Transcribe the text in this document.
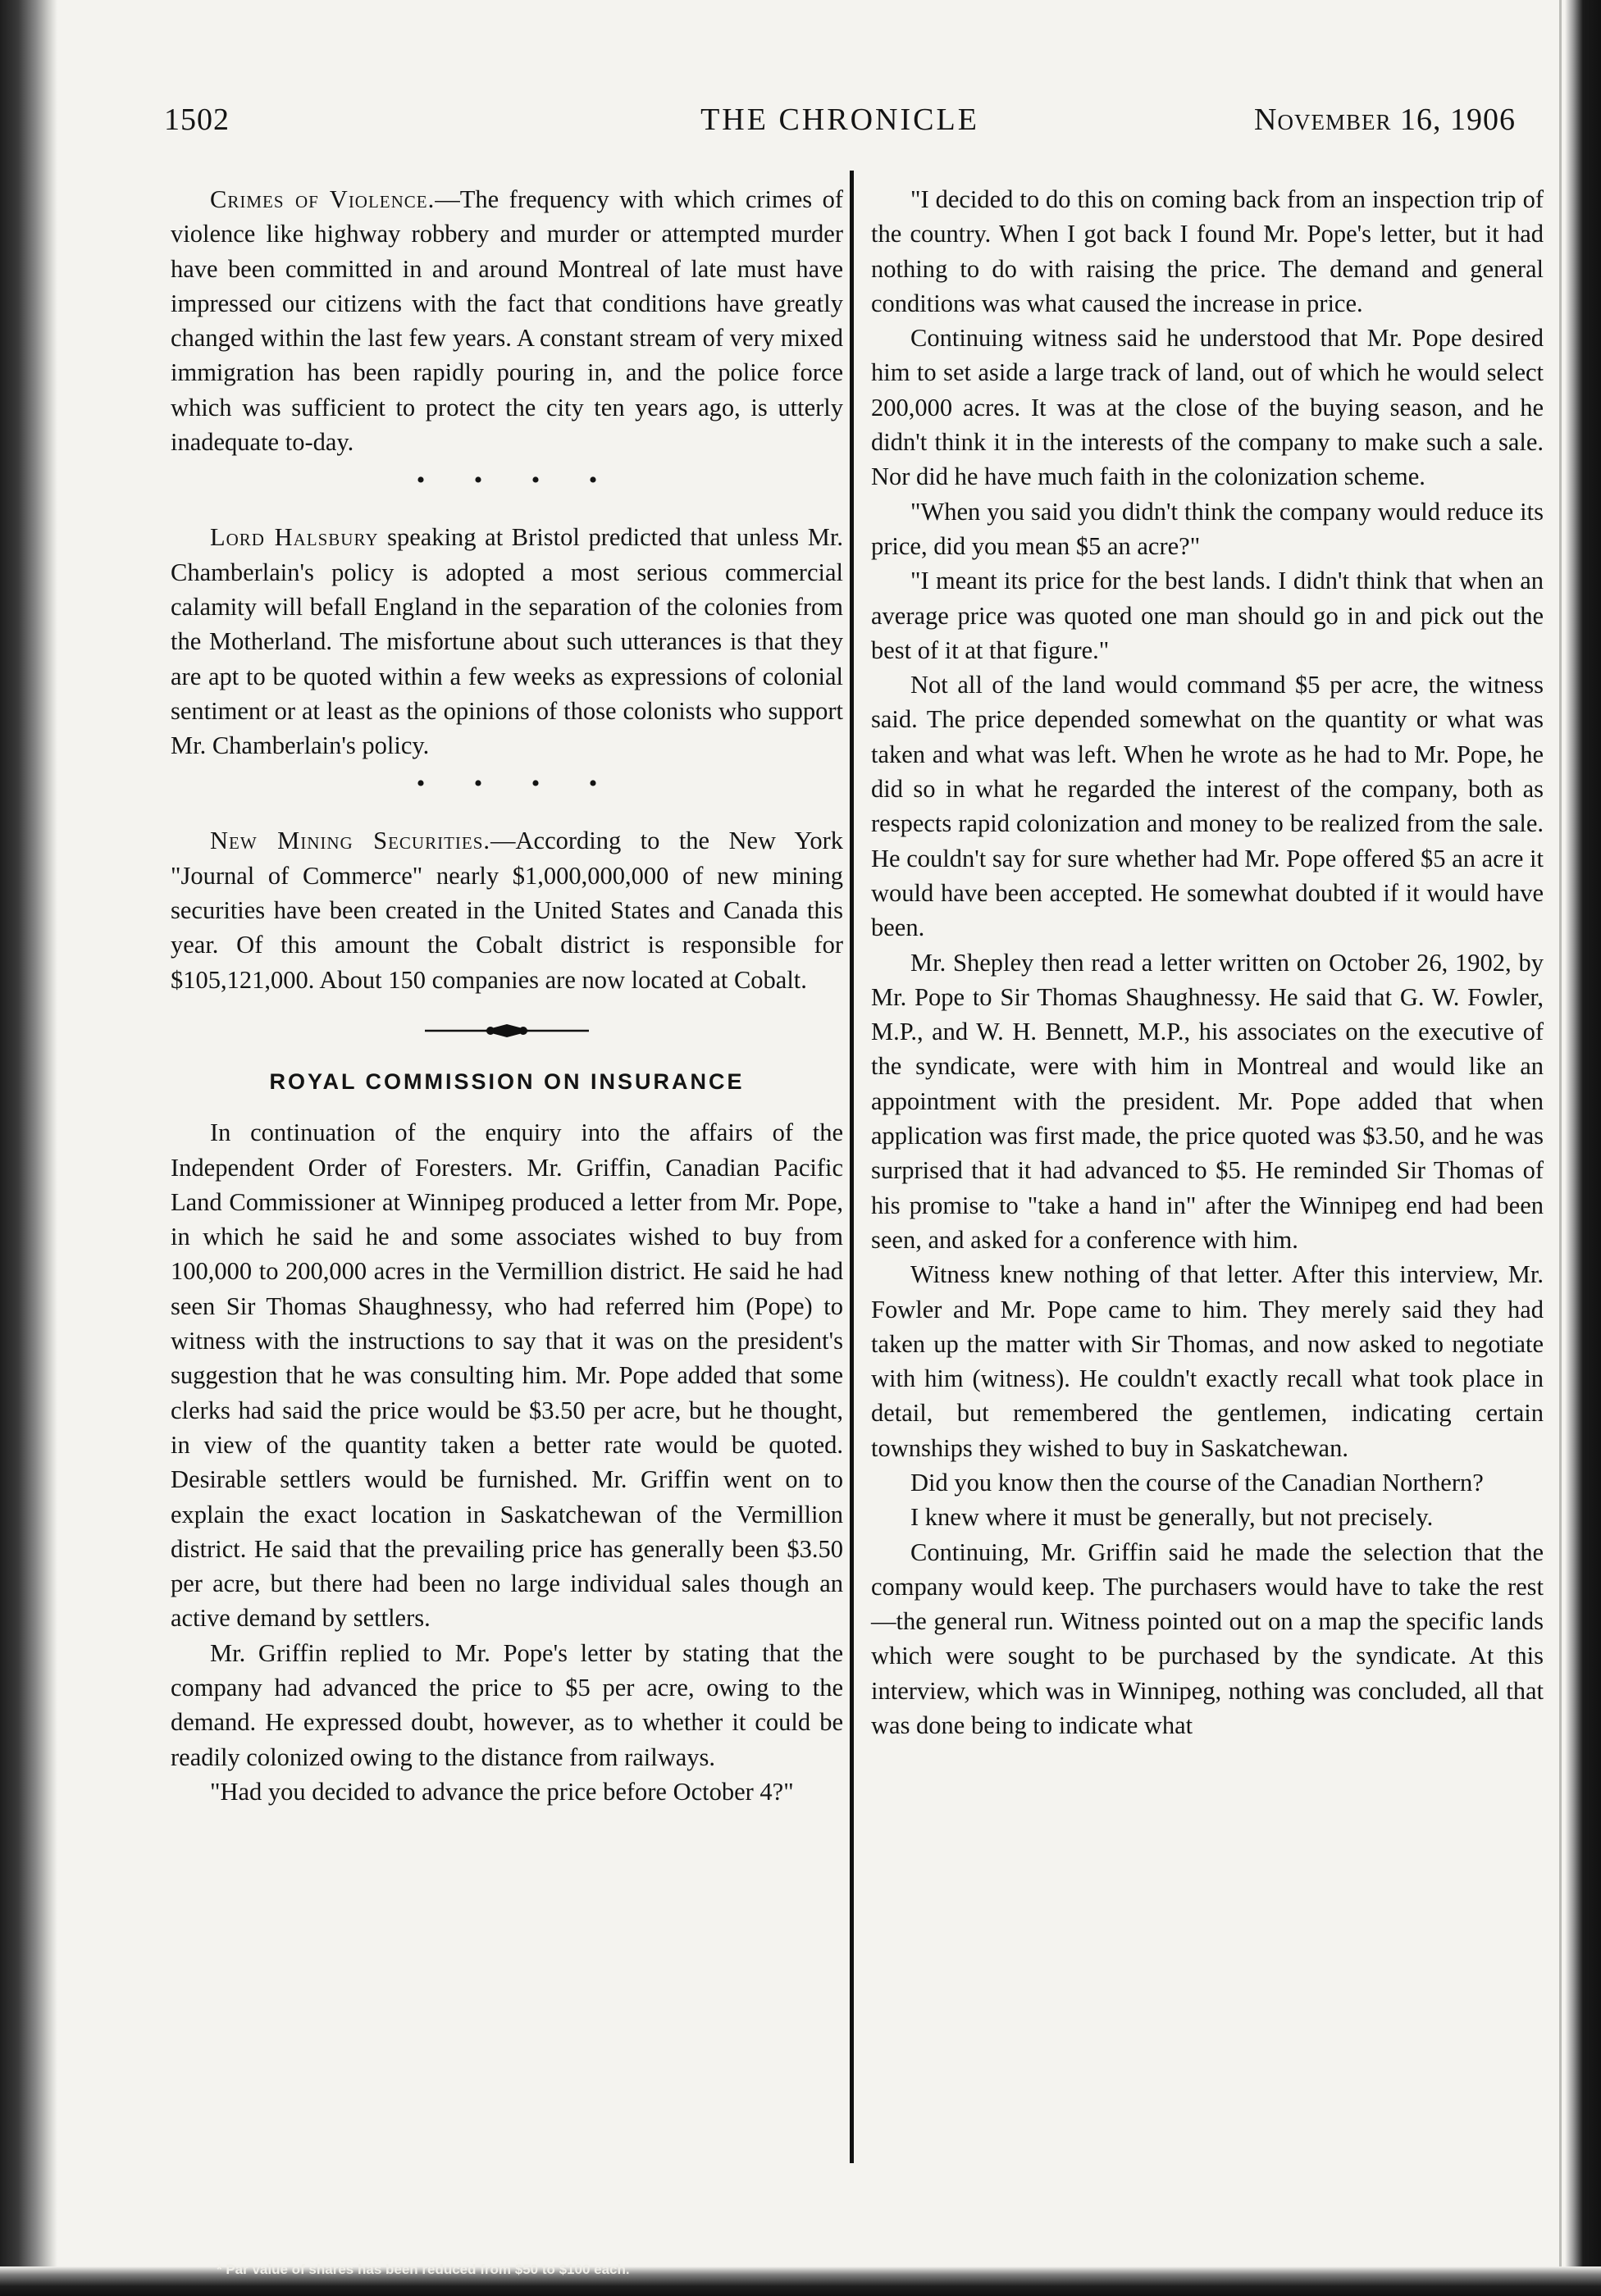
1502	THE CHRONICLE	November 16, 1906

Crimes of Violence.—The frequency with which crimes of violence like highway robbery and murder or attempted murder have been committed in and around Montreal of late must have impressed our citizens with the fact that conditions have greatly changed within the last few years. A constant stream of very mixed immigration has been rapidly pouring in, and the police force which was sufficient to protect the city ten years ago, is utterly inadequate to-day.

• • • •

Lord Halsbury speaking at Bristol predicted that unless Mr. Chamberlain's policy is adopted a most serious commercial calamity will befall England in the separation of the colonies from the Motherland. The misfortune about such utterances is that they are apt to be quoted within a few weeks as expressions of colonial sentiment or at least as the opinions of those colonists who support Mr. Chamberlain's policy.

• • • •

New Mining Securities.—According to the New York "Journal of Commerce" nearly $1,000,000,000 of new mining securities have been created in the United States and Canada this year. Of this amount the Cobalt district is responsible for $105,121,000. About 150 companies are now located at Cobalt.

ROYAL COMMISSION ON INSURANCE

In continuation of the enquiry into the affairs of the Independent Order of Foresters. Mr. Griffin, Canadian Pacific Land Commissioner at Winnipeg produced a letter from Mr. Pope, in which he said he and some associates wished to buy from 100,000 to 200,000 acres in the Vermillion district. He said he had seen Sir Thomas Shaughnessy, who had referred him (Pope) to witness with the instructions to say that it was on the president's suggestion that he was consulting him. Mr. Pope added that some clerks had said the price would be $3.50 per acre, but he thought, in view of the quantity taken a better rate would be quoted. Desirable settlers would be furnished. Mr. Griffin went on to explain the exact location in Saskatchewan of the Vermillion district. He said that the prevailing price has generally been $3.50 per acre, but there had been no large individual sales though an active demand by settlers.

Mr. Griffin replied to Mr. Pope's letter by stating that the company had advanced the price to $5 per acre, owing to the demand. He expressed doubt, however, as to whether it could be readily colonized owing to the distance from railways.

"Had you decided to advance the price before October 4?"

"I decided to do this on coming back from an inspection trip of the country. When I got back I found Mr. Pope's letter, but it had nothing to do with raising the price. The demand and general conditions was what caused the increase in price.

Continuing witness said he understood that Mr. Pope desired him to set aside a large track of land, out of which he would select 200,000 acres. It was at the close of the buying season, and he didn't think it in the interests of the company to make such a sale. Nor did he have much faith in the colonization scheme.

"When you said you didn't think the company would reduce its price, did you mean $5 an acre?"

"I meant its price for the best lands. I didn't think that when an average price was quoted one man should go in and pick out the best of it at that figure."

Not all of the land would command $5 per acre, the witness said. The price depended somewhat on the quantity or what was taken and what was left. When he wrote as he had to Mr. Pope, he did so in what he regarded the interest of the company, both as respects rapid colonization and money to be realized from the sale. He couldn't say for sure whether had Mr. Pope offered $5 an acre it would have been accepted. He somewhat doubted if it would have been.

Mr. Shepley then read a letter written on October 26, 1902, by Mr. Pope to Sir Thomas Shaughnessy. He said that G. W. Fowler, M.P., and W. H. Bennett, M.P., his associates on the executive of the syndicate, were with him in Montreal and would like an appointment with the president. Mr. Pope added that when application was first made, the price quoted was $3.50, and he was surprised that it had advanced to $5. He reminded Sir Thomas of his promise to "take a hand in" after the Winnipeg end had been seen, and asked for a conference with him.

Witness knew nothing of that letter. After this interview, Mr. Fowler and Mr. Pope came to him. They merely said they had taken up the matter with Sir Thomas, and now asked to negotiate with him (witness). He couldn't exactly recall what took place in detail, but remembered the gentlemen, indicating certain townships they wished to buy in Saskatchewan.

Did you know then the course of the Canadian Northern?

I knew where it must be generally, but not precisely.

Continuing, Mr. Griffin said he made the selection that the company would keep. The purchasers would have to take the rest—the general run. Witness pointed out on a map the specific lands which were sought to be purchased by the syndicate. At this interview, which was in Winnipeg, nothing was concluded, all that was done being to indicate what

* Par value of shares has been reduced from $50 to $100 each.
